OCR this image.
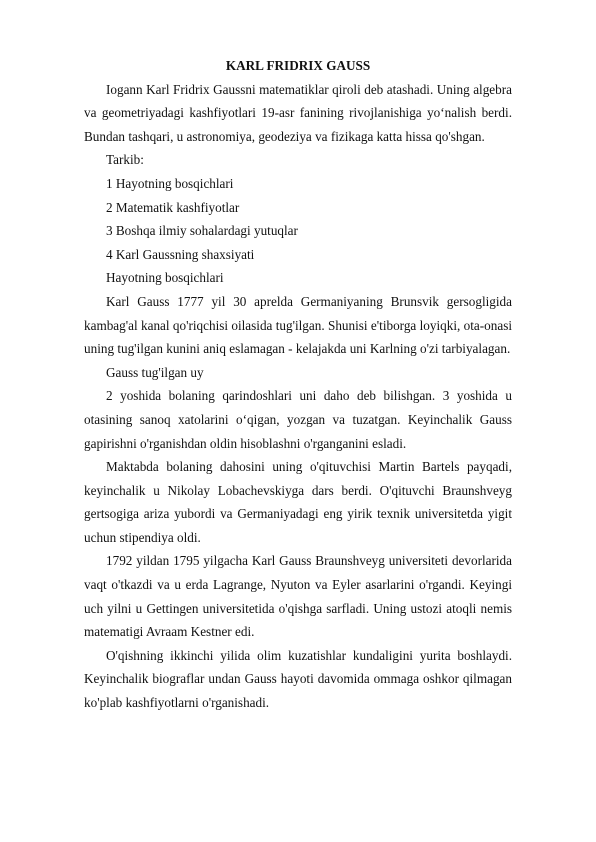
KARL FRIDRIX GAUSS

Iogann Karl Fridrix Gaussni matematiklar qiroli deb atashadi. Uning algebra va geometriyadagi kashfiyotlari 19-asr fanining rivojlanishiga yo‘nalish berdi. Bundan tashqari, u astronomiya, geodeziya va fizikaga katta hissa qo'shgan.

Tarkib:

1 Hayotning bosqichlari

2 Matematik kashfiyotlar

3 Boshqa ilmiy sohalardagi yutuqlar

4 Karl Gaussning shaxsiyati

Hayotning bosqichlari

Karl Gauss 1777 yil 30 aprelda Germaniyaning Brunsvik gersogligida kambag'al kanal qo'riqchisi oilasida tug'ilgan. Shunisi e'tiborga loyiqki, ota-onasi uning tug'ilgan kunini aniq eslamagan - kelajakda uni Karlning o'zi tarbiyalagan.

Gauss tug'ilgan uy

2 yoshida bolaning qarindoshlari uni daho deb bilishgan. 3 yoshida u otasining sanoq xatolarini o‘qigan, yozgan va tuzatgan. Keyinchalik Gauss gapirishni o'rganishdan oldin hisoblashni o'rganganini esladi.

Maktabda bolaning dahosini uning o'qituvchisi Martin Bartels payqadi, keyinchalik u Nikolay Lobachevskiyga dars berdi. O'qituvchi Braunshveyg gertsogiga ariza yubordi va Germaniyadagi eng yirik texnik universitetda yigit uchun stipendiya oldi.

1792 yildan 1795 yilgacha Karl Gauss Braunshveyg universiteti devorlarida vaqt o'tkazdi va u erda Lagrange, Nyuton va Eyler asarlarini o'rgandi. Keyingi uch yilni u Gettingen universitetida o'qishga sarfladi. Uning ustozi atoqli nemis matematigi Avraam Kestner edi.

O'qishning ikkinchi yilida olim kuzatishlar kundaligini yurita boshlaydi. Keyinchalik biograflar undan Gauss hayoti davomida ommaga oshkor qilmagan ko'plab kashfiyotlarni o'rganishadi.
